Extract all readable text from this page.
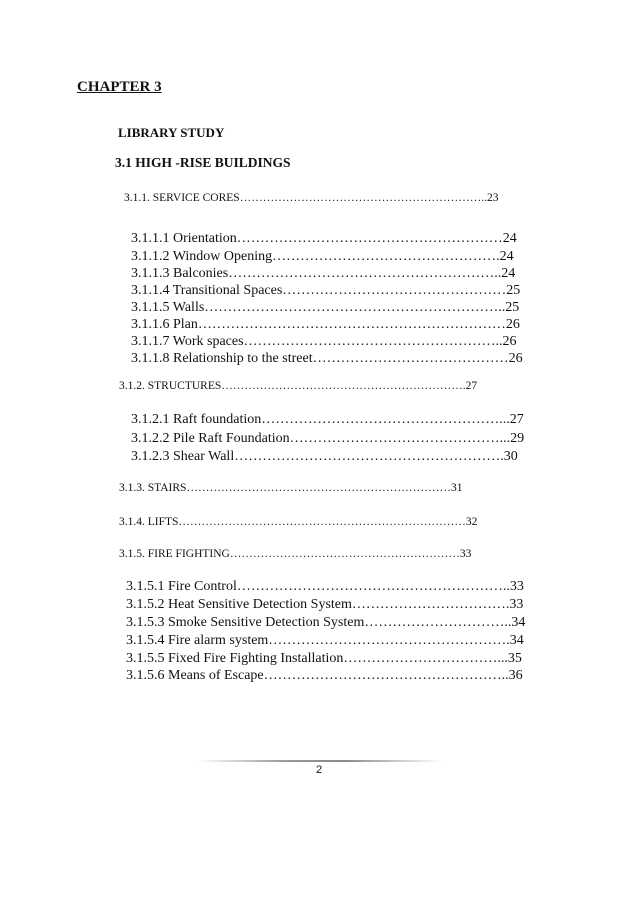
CHAPTER 3
LIBRARY STUDY
3.1 HIGH -RISE BUILDINGS
3.1.1. SERVICE CORES………………………………………………………..23
3.1.1.1 Orientation…………………………………………………24
3.1.1.2 Window Opening………………………………………….24
3.1.1.3 Balconies…………………………………………………..24
3.1.1.4 Transitional Spaces…………………………………………25
3.1.1.5 Walls………………………………………………………..25
3.1.1.6 Plan…………………………………………………………26
3.1.1.7 Work spaces………………………………………………..26
3.1.1.8 Relationship to the street……………………………………26
3.1.2. STRUCTURES……………………………………………………….27
3.1.2.1 Raft foundation……………………………………………...27
3.1.2.2 Pile Raft Foundation………………………………………...29
3.1.2.3 Shear Wall………………………………………………….30
3.1.3. STAIRS……………………………………………………………31
3.1.4. LIFTS…………………………………………………………………32
3.1.5. FIRE FIGHTING……………………………………………………33
3.1.5.1 Fire Control…………………………………………………..33
3.1.5.2 Heat Sensitive Detection System…………………………….33
3.1.5.3 Smoke Sensitive Detection System…………………………..34
3.1.5.4 Fire alarm system…………………………………………….34
3.1.5.5 Fixed Fire Fighting Installation……………………………...35
3.1.5.6 Means of Escape……………………………………………..36
2
